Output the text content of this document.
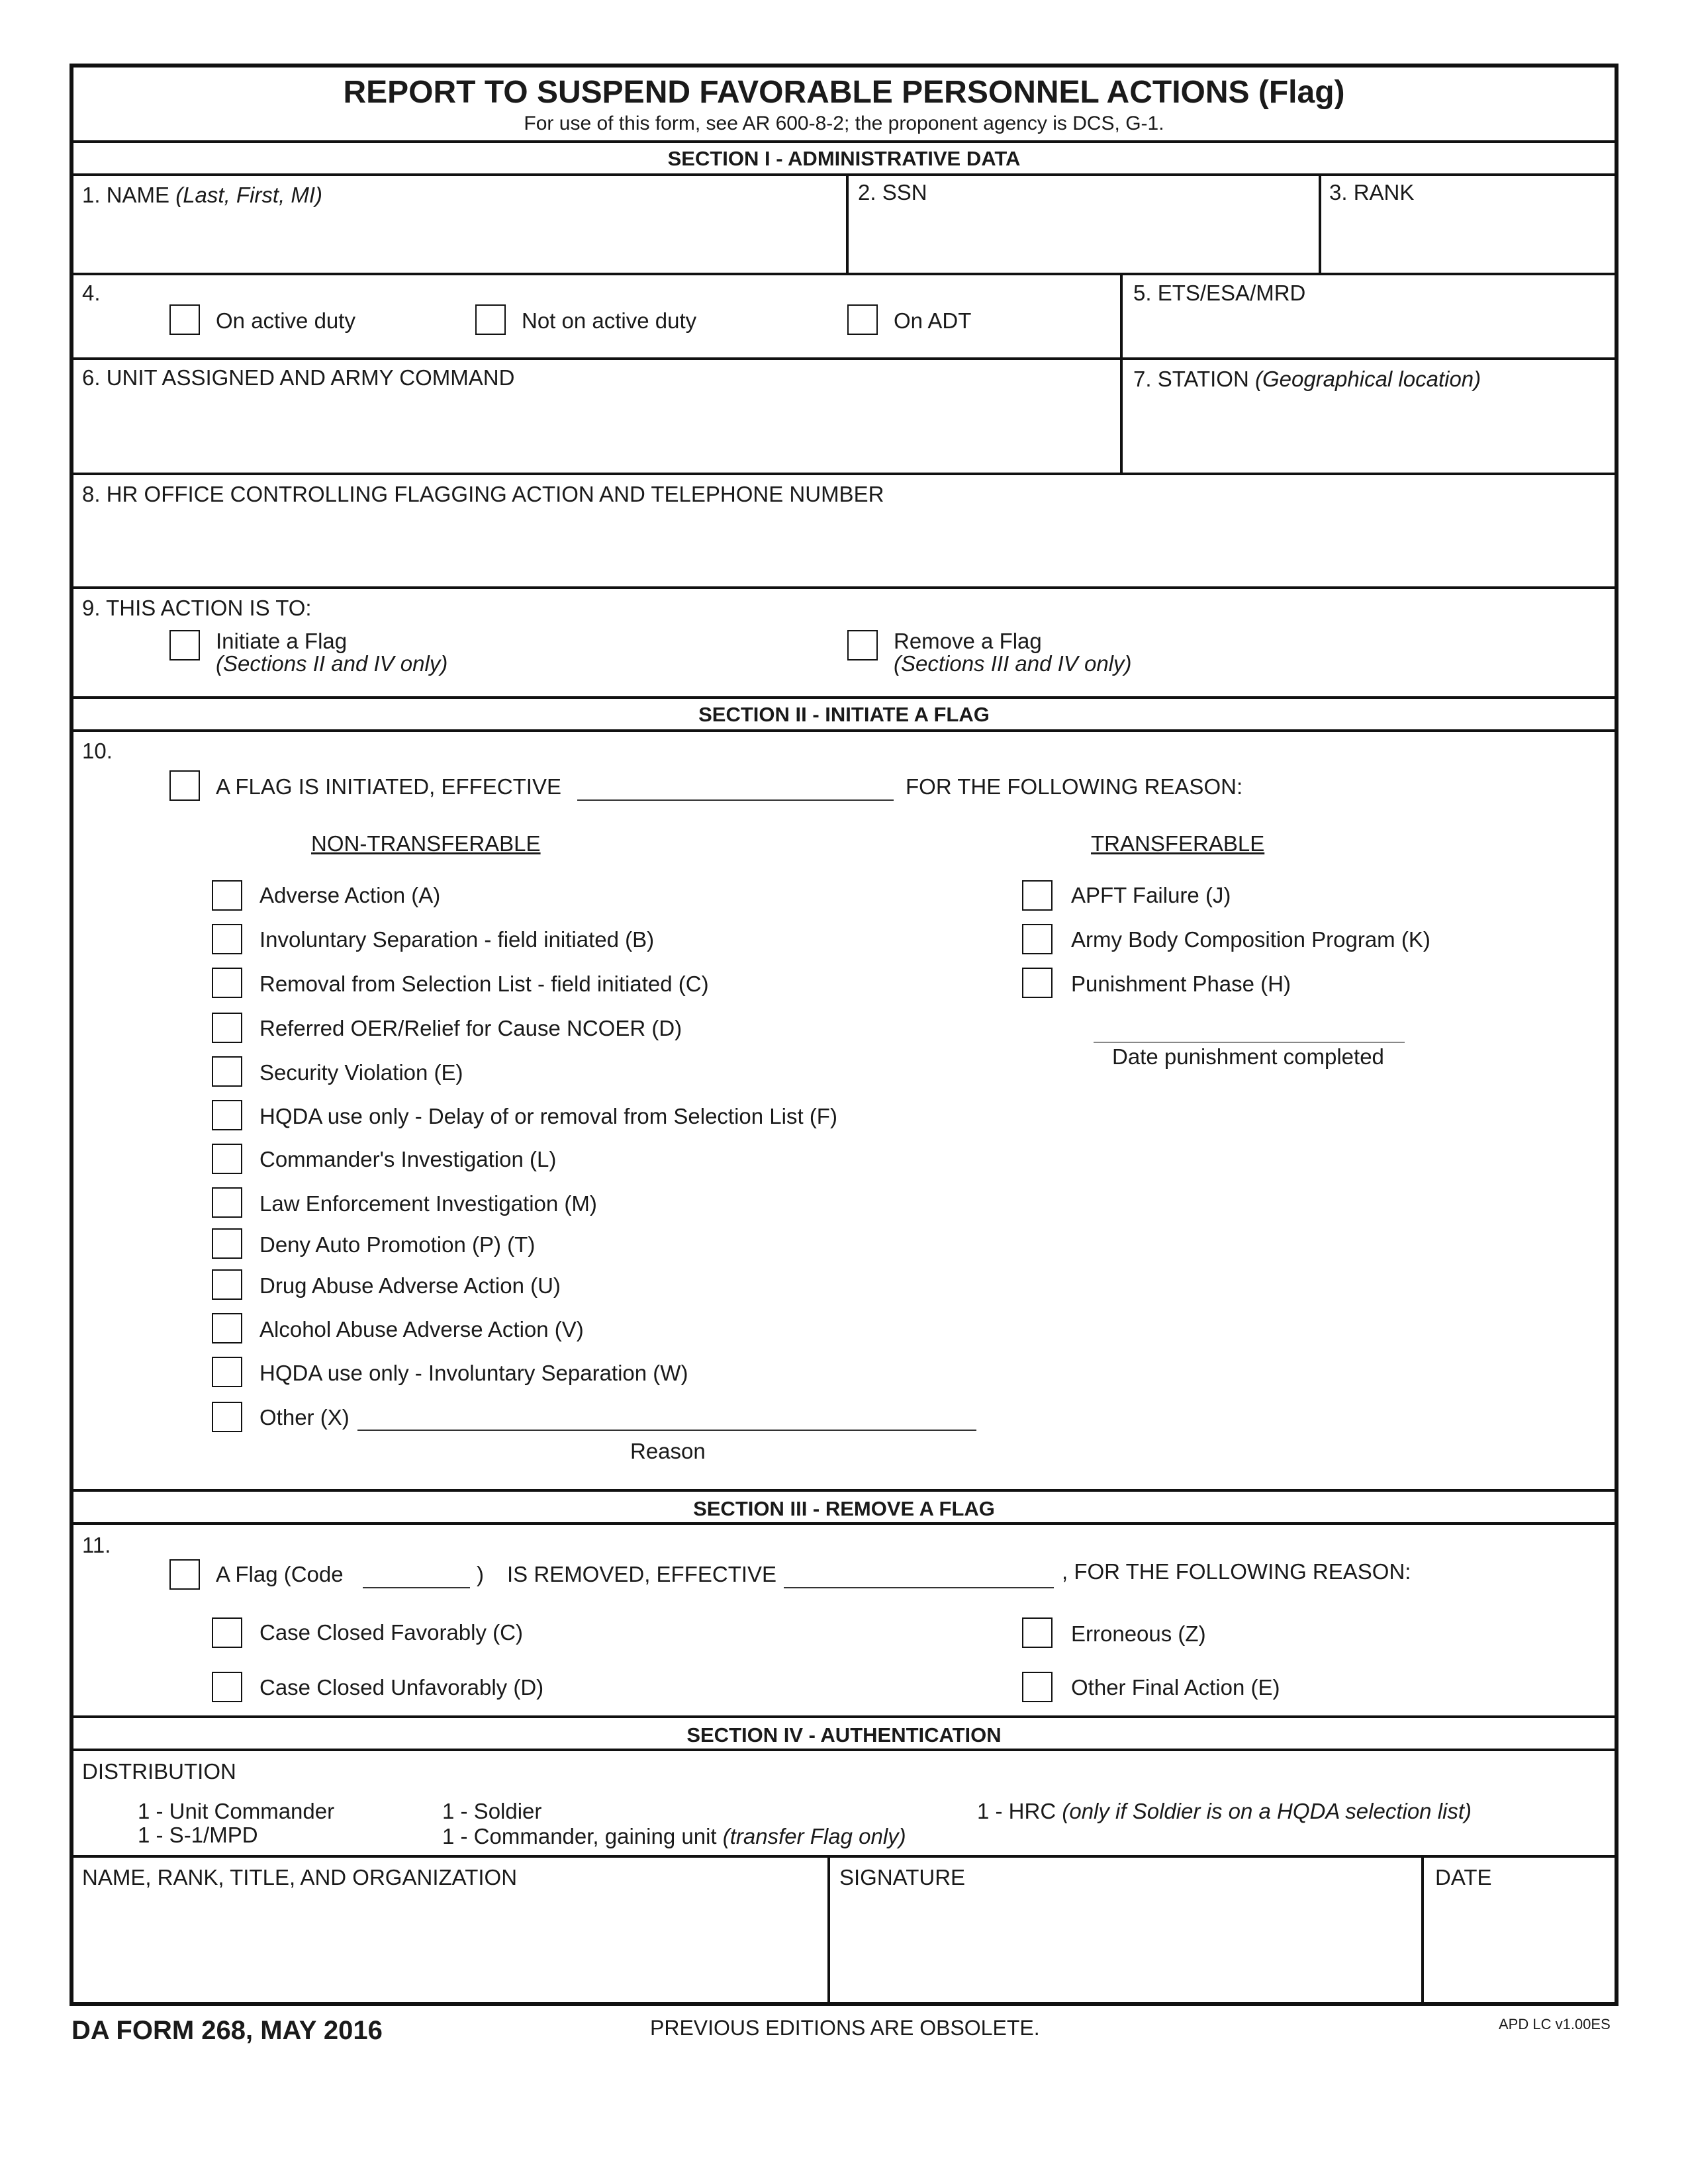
REPORT TO SUSPEND FAVORABLE PERSONNEL ACTIONS (Flag)
For use of this form, see AR 600-8-2; the proponent agency is DCS, G-1.
SECTION I - ADMINISTRATIVE DATA
1. NAME (Last, First, MI)	2. SSN	3. RANK
4.
On active duty	Not on active duty	On ADT
5. ETS/ESA/MRD
6. UNIT ASSIGNED AND ARMY COMMAND	7. STATION (Geographical location)
8. HR OFFICE CONTROLLING FLAGGING ACTION AND TELEPHONE NUMBER
9. THIS ACTION IS TO:
Initiate a Flag
(Sections II and IV only)
Remove a Flag
(Sections III and IV only)
SECTION II - INITIATE A FLAG
10.
A FLAG IS INITIATED, EFFECTIVE	FOR THE FOLLOWING REASON:
NON-TRANSFERABLE	TRANSFERABLE
Adverse Action (A)
Involuntary Separation - field initiated (B)
Removal from Selection List - field initiated (C)
Referred OER/Relief for Cause NCOER (D)
Security Violation (E)
HQDA use only - Delay of or removal from Selection List (F)
Commander's Investigation (L)
Law Enforcement Investigation (M)
Deny Auto Promotion (P) (T)
Drug Abuse Adverse Action (U)
Alcohol Abuse Adverse Action (V)
HQDA use only - Involuntary Separation (W)
Other (X)
Reason
APFT Failure (J)
Army Body Composition Program (K)
Punishment Phase (H)
Date punishment completed
SECTION III - REMOVE A FLAG
11.
A Flag (Code	) IS REMOVED, EFFECTIVE	, FOR THE FOLLOWING REASON:
Case Closed Favorably (C)
Case Closed Unfavorably (D)
Erroneous (Z)
Other Final Action (E)
SECTION IV - AUTHENTICATION
DISTRIBUTION
1 - Unit Commander
1 - S-1/MPD
1 - Soldier
1 - Commander, gaining unit (transfer Flag only)
1 - HRC (only if Soldier is on a HQDA selection list)
NAME, RANK, TITLE, AND ORGANIZATION	SIGNATURE	DATE
DA FORM 268, MAY 2016	PREVIOUS EDITIONS ARE OBSOLETE.	APD LC v1.00ES
